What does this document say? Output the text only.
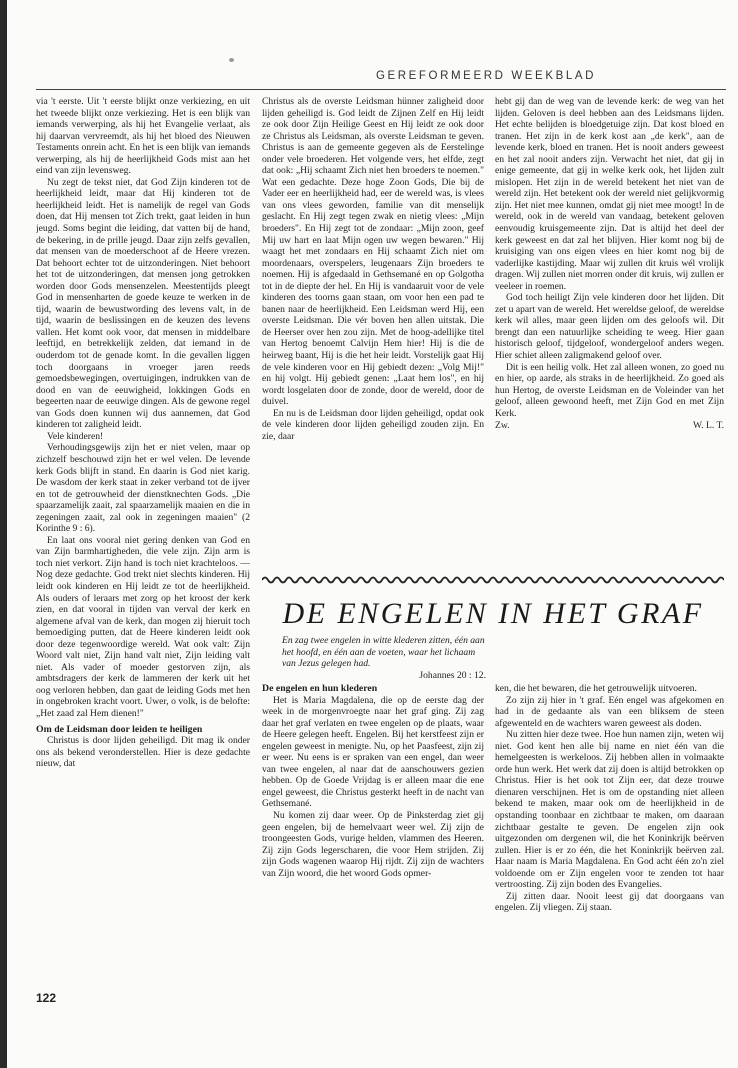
GEREFORMEERD WEEKBLAD

via 't eerste. Uit 't eerste blijkt onze verkiezing, en uit het tweede blijkt onze verkiezing. Het is een blijk van iemands verwerping, als hij het Evangelie verlaat, als hij daarvan vervreemdt, als hij het bloed des Nieuwen Testaments onrein acht. En het is een blijk van iemands verwerping, als hij de heerlijkheid Gods mist aan het eind van zijn levensweg.

Nu zegt de tekst niet, dat God Zijn kinderen tot de heerlijkheid leidt, maar dat Hij kinderen tot de heerlijkheid leidt. Het is namelijk de regel van Gods doen, dat Hij mensen tot Zich trekt, gaat leiden in hun jeugd. Soms begint die leiding, dat vatten bij de hand, de bekering, in de prille jeugd. Daar zijn zelfs gevallen, dat mensen van de moederschoot af de Heere vrezen. Dat behoort echter tot de uitzonderingen. Niet behoort het tot de uitzonderingen, dat mensen jong getrokken worden door Gods mensenzelen. Meestentijds pleegt God in mensenharten de goede keuze te werken in de tijd, waarin de bewustwording des levens valt, in de tijd, waarin de beslissingen en de keuzen des levens vallen. Het komt ook voor, dat mensen in middelbare leeftijd, en betrekkelijk zelden, dat iemand in de ouderdom tot de genade komt. In die gevallen liggen toch doorgaans in vroeger jaren reeds gemoedsbewegingen, overtuigingen, indrukken van de dood en van de eeuwigheid, lokkingen Gods en begeerten naar de eeuwige dingen. Als de gewone regel van Gods doen kunnen wij dus aannemen, dat God kinderen tot zaligheid leidt.

Vele kinderen!

Verhoudingsgewijs zijn het er niet velen, maar op zichzelf beschouwd zijn het er wel velen. De levende kerk Gods blijft in stand. En daarin is God niet karig. De wasdom der kerk staat in zeker verband tot de ijver en tot de getrouwheid der dienstknechten Gods. „Die spaarzamelijk zaait, zal spaarzamelijk maaien en die in zegeningen zaait, zal ook in zegeningen maaien" (2 Korinthe 9 : 6).

En laat ons vooral niet gering denken van God en van Zijn barmhartigheden, die vele zijn. Zijn arm is toch niet verkort. Zijn hand is toch niet krachteloos. — Nog deze gedachte. God trekt niet slechts kinderen. Hij leidt ook kinderen en Hij leidt ze tot de heerlijkheid. Als ouders of leraars met zorg op het kroost der kerk zien, en dat vooral in tijden van verval der kerk en algemene afval van de kerk, dan mogen zij hieruit toch bemoediging putten, dat de Heere kinderen leidt ook door deze tegenwoordige wereld. Wat ook valt: Zijn Woord valt niet, Zijn hand valt niet, Zijn leiding valt niet. Als vader of moeder gestorven zijn, als ambtsdragers der kerk de lammeren der kerk uit het oog verloren hebben, dan gaat de leiding Gods met hen in ongebroken kracht voort. Uwer, o volk, is de belofte: „Het zaad zal Hem dienen!"

Om de Leidsman door leiden te heiligen

Christus is door lijden geheiligd. Dit mag ik onder ons als bekend veronderstellen. Hier is deze gedachte nieuw, dat

Christus als de overste Leidsman hünner zaligheid door lijden geheiligd is. God leidt de Zijnen Zelf en Hij leidt ze ook door Zijn Heilige Geest en Hij leidt ze ook door ze Christus als Leidsman, als overste Leidsman te geven. Christus is aan de gemeente gegeven als de Eerstelinge onder vele broederen. Het volgende vers, het elfde, zegt dat ook: „Hij schaamt Zich niet hen broeders te noemen." Wat een gedachte. Deze hoge Zoon Gods, Die bij de Vader eer en heerlijkheid had, eer de wereld was, is vlees van ons vlees geworden, familie van dit menselijk geslacht. En Hij zegt tegen zwak en nietig vlees: „Mijn broeders". En Hij zegt tot de zondaar: „Mijn zoon, geef Mij uw hart en laat Mijn ogen uw wegen bewaren." Hij waagt het met zondaars en Hij schaamt Zich niet om moordenaars, overspelers, leugenaars Zijn broeders te noemen. Hij is afgedaald in Gethsemané en op Golgotha tot in de diepte der hel. En Hij is vandaaruit voor de vele kinderen des toorns gaan staan, om voor hen een pad te banen naar de heerlijkheid. Een Leidsman werd Hij, een overste Leidsman. Die vér boven hen allen uitstak. Die de Heerser over hen zou zijn. Met de hoog-adellijke titel van Hertog benoemt Calvijn Hem hier! Hij is die de heirweg baant, Hij is die het heir leidt. Vorstelijk gaat Hij de vele kinderen voor en Hij gebiedt dezen: „Volg Mij!" en hij volgt. Hij gebiedt genen: „Laat hem los", en hij wordt losgelaten door de zonde, door de wereld, door de duivel.

En nu is de Leidsman door lijden geheiligd, opdat ook de vele kinderen door lijden geheiligd zouden zijn. En zie, daar

hebt gij dan de weg van de levende kerk: de weg van het lijden. Geloven is deel hebben aan des Leidsmans lijden. Het echte belijden is bloedgetuige zijn. Dat kost bloed en tranen. Het zijn in de kerk kost aan „de kerk", aan de levende kerk, bloed en tranen. Het is nooit anders geweest en het zal nooit anders zijn. Verwacht het niet, dat gij in enige gemeente, dat gij in welke kerk ook, het lijden zult mislopen. Het zijn in de wereld betekent het niet van de wereld zijn. Het betekent ook der wereld niet gelijkvormig zijn. Het niet mee kunnen, omdat gij niet mee moogt! In de wereld, ook in de wereld van vandaag, betekent geloven eenvoudig kruisgemeente zijn. Dat is altijd het deel der kerk geweest en dat zal het blijven. Hier komt nog bij de kruisiging van ons eigen vlees en hier komt nog bij de vaderlijke kastijding. Maar wij zullen dit kruis wél vrolijk dragen. Wij zullen niet morren onder dit kruis, wij zullen er veeleer in roemen.

God toch heiligt Zijn vele kinderen door het lijden. Dit zet u apart van de wereld. Het wereldse geloof, de wereldse kerk wil alles, maar geen lijden om des geloofs wil. Dit brengt dan een natuurlijke scheiding te weeg. Hier gaan historisch geloof, tijdgeloof, wondergeloof anders wegen. Hier schiet alleen zaligmakend geloof over.

Dit is een heilig volk. Het zal alleen wonen, zo goed nu en hier, op aarde, als straks in de heerlijkheid. Zo goed als hun Hertog, de overste Leidsman en de Voleinder van het geloof, alleen gewoond heeft, met Zijn God en met Zijn Kerk.

Zw.	W. L. T.
DE ENGELEN IN HET GRAF
En zag twee engelen in witte klederen zitten, één aan het hoofd, en één aan de voeten, waar het lichaam van Jezus gelegen had.
Johannes 20 : 12.
De engelen en hun klederen

Het is Maria Magdalena, die op de eerste dag der week in de morgenvroegte naar het graf ging. Zij zag daar het graf verlaten en twee engelen op de plaats, waar de Heere gelegen heeft. Engelen. Bij het kerstfeest zijn er engelen geweest in menigte. Nu, op het Paasfeest, zijn zij er weer. Nu eens is er spraken van een engel, dan weer van twee engelen, al naar dat de aanschouwers gezien hebben. Op de Goede Vrijdag is er alleen maar die ene engel geweest, die Christus gesterkt heeft in de nacht van Gethsemané.

Nu komen zij daar weer. Op de Pinksterdag ziet gij geen engelen, bij de hemelvaart weer wel. Zij zijn de troongeesten Gods, vurige helden, vlammen des Heeren. Zij zijn Gods legerscharen, die voor Hem strijden. Zij zijn Gods wagenen waarop Hij rijdt. Zij zijn de wachters van Zijn woord, die het woord Gods opmer-

ken, die het bewaren, die het getrouwelijk uitvoeren.

Zo zijn zij hier in 't graf. Eén engel was afgekomen en had in de gedaante als van een bliksem de steen afgewenteld en de wachters waren geweest als doden.

Nu zitten hier deze twee. Hoe hun namen zijn, weten wij niet. God kent hen alle bij name en niet één van die hemelgeesten is werkeloos. Zij hebben allen in volmaakte orde hun werk. Het werk dat zij doen is altijd betrokken op Christus. Hier is het ook tot Zijn eer, dat deze trouwe dienaren verschijnen. Het is om de opstanding niet alleen bekend te maken, maar ook om de heerlijkheid in de opstanding toonbaar en zichtbaar te maken, om daaraan zichtbaar gestalte te geven. De engelen zijn ook uitgezonden om dergenen wil, die het Koninkrijk beërven zullen. Hier is er zo één, die het Koninkrijk beërven zal. Haar naam is Maria Magdalena. En God acht één zo'n ziel voldoende om er Zijn engelen voor te zenden tot haar vertroosting. Zij zijn boden des Evangelies.

Zij zitten daar. Nooit leest gij dat doorgaans van engelen. Zij vliegen. Zij staan.

122
